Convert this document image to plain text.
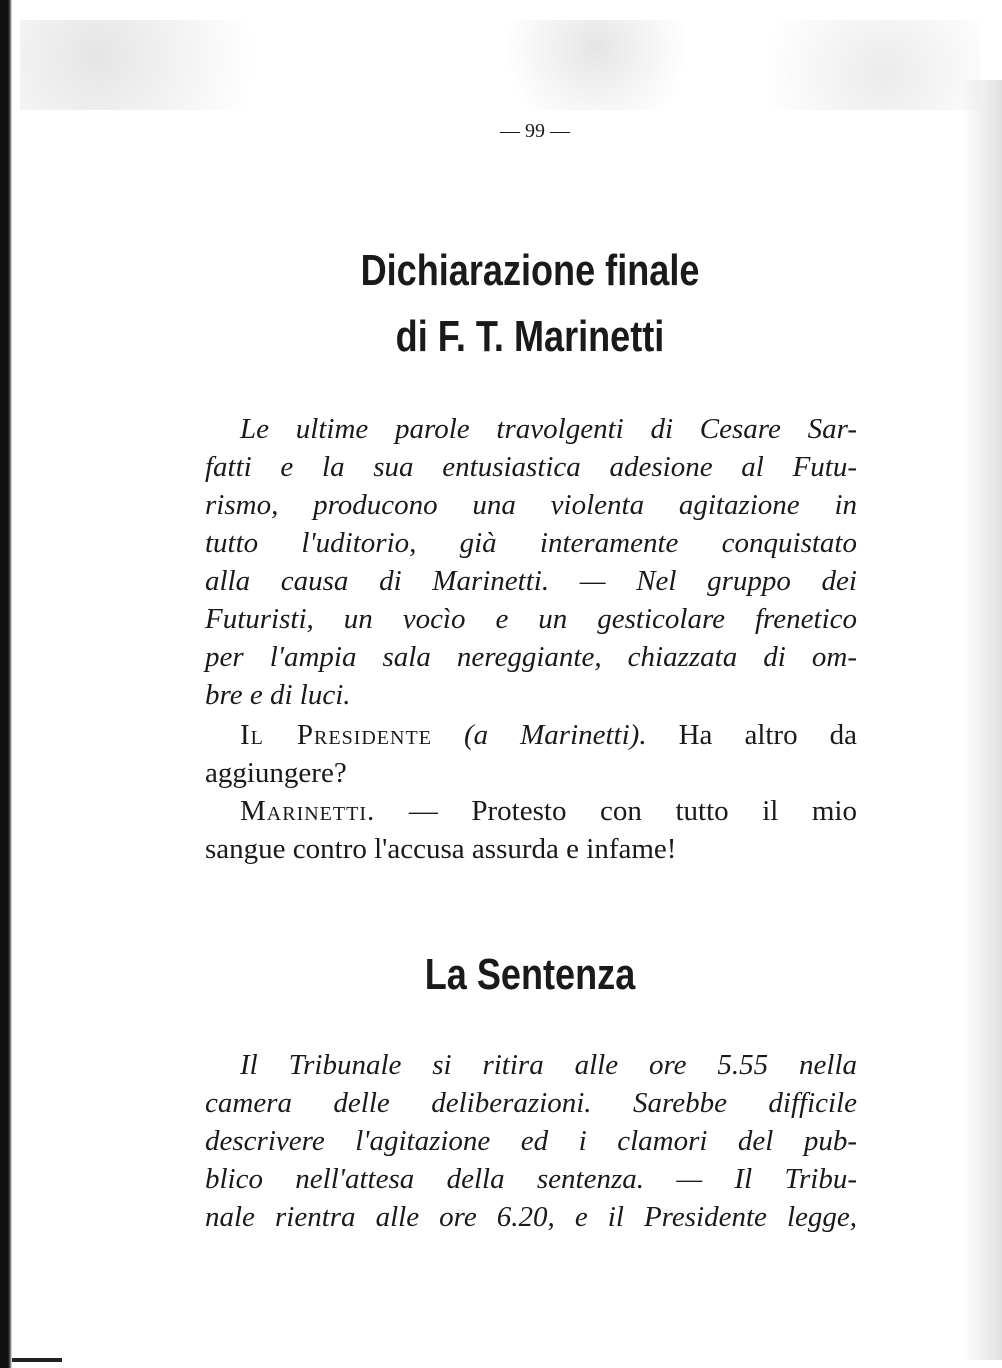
— 99 —
Dichiarazione finale
di F. T. Marinetti
Le ultime parole travolgenti di Cesare Sar-
fatti e la sua entusiastica adesione al Futu-
rismo, producono una violenta agitazione in
tutto l'uditorio, già interamente conquistato
alla causa di Marinetti. — Nel gruppo dei
Futuristi, un vocìo e un gesticolare frenetico
per l'ampia sala nereggiante, chiazzata di om-
bre e di luci.
Il Presidente (a Marinetti). Ha altro da
aggiungere?
Marinetti. — Protesto con tutto il mio
sangue contro l'accusa assurda e infame!
La Sentenza
Il Tribunale si ritira alle ore 5.55 nella
camera delle deliberazioni. Sarebbe difficile
descrivere l'agitazione ed i clamori del pub-
blico nell'attesa della sentenza. — Il Tribu-
nale rientra alle ore 6.20, e il Presidente legge,
